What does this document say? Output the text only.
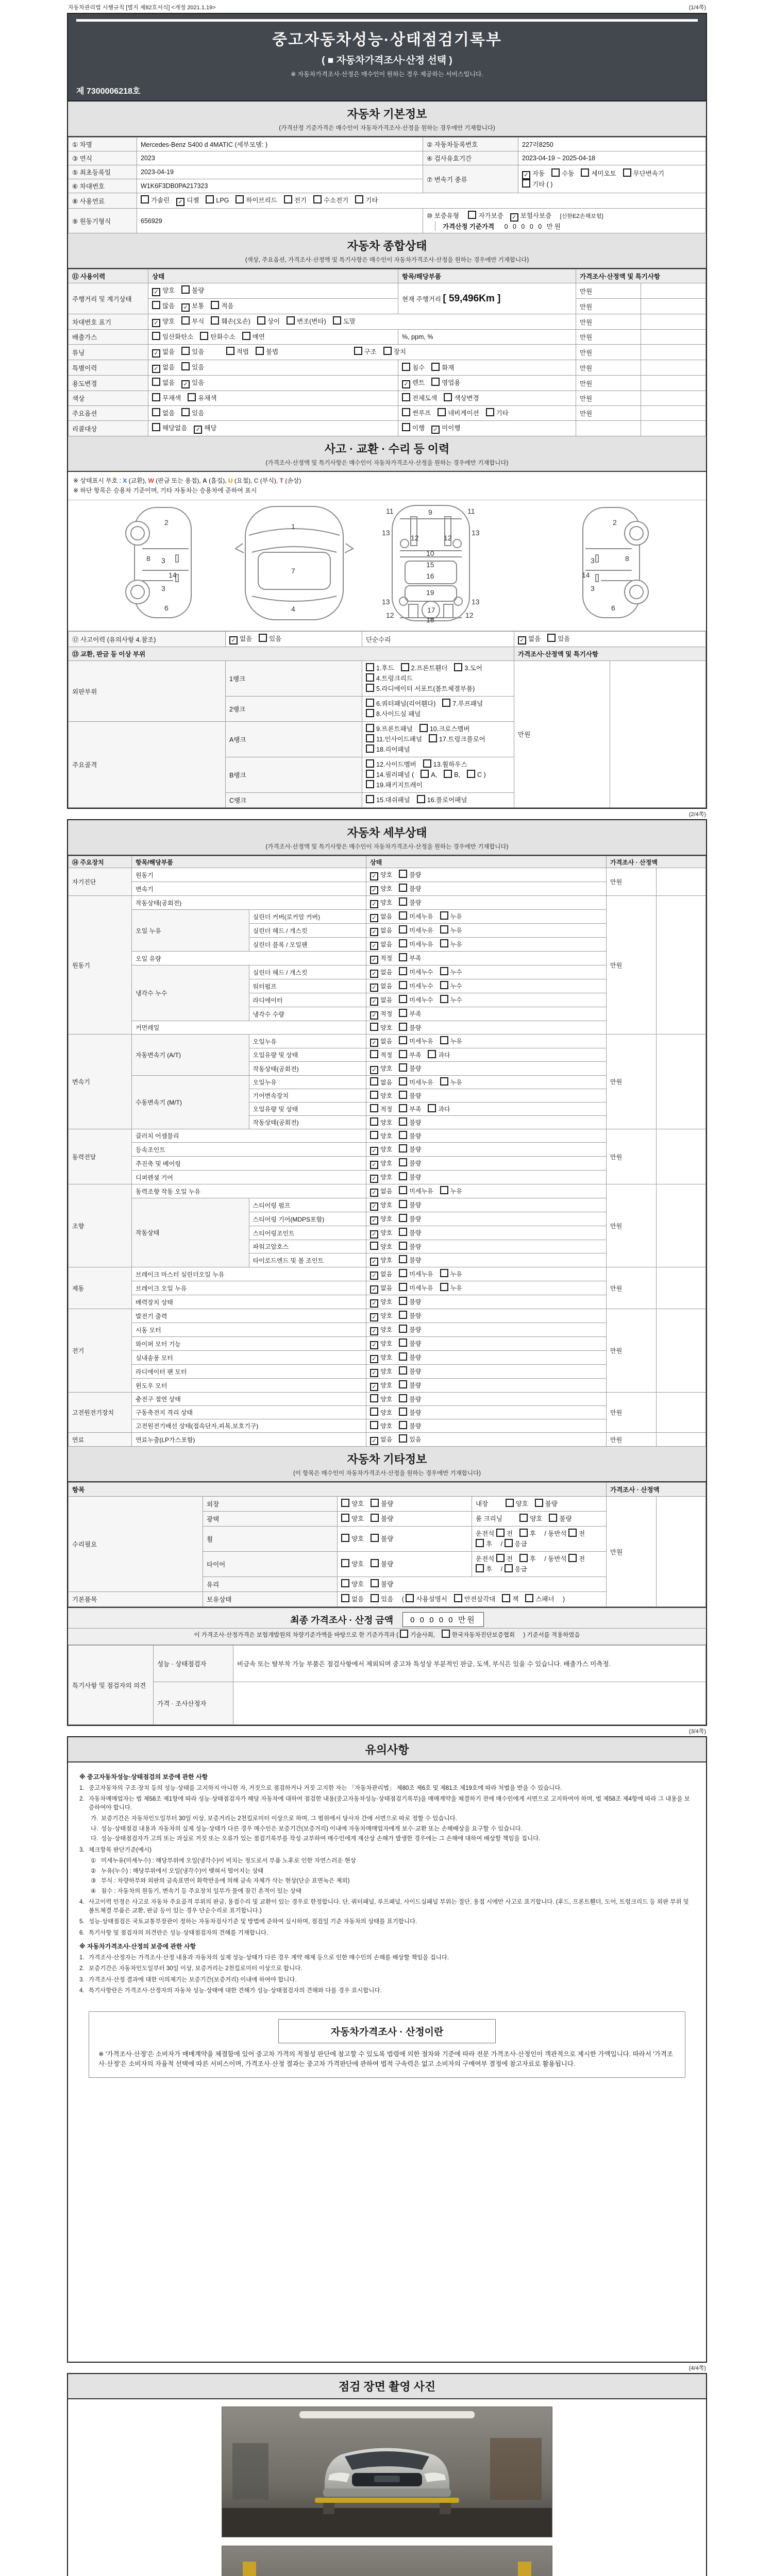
자동차관리법 시행규칙 [별지 제82호서식] <개정 2021.1.19>	(1/4쪽)
중고자동차성능·상태점검기록부
( ■ 자동차가격조사·산정 선택 )
※ 자동차가격조사·산정은 매수인이 원하는 경우 제공하는 서비스입니다.
제 7300006218호
자동차 기본정보
(가격산정 기준가격은 매수인이 자동차가격조사·산정을 원하는 경우에만 기재합니다)
① 차명	Mercedes-Benz S400 d 4MATIC (세부모델: )	② 자동차등록번호	227러8250
③ 연식	2023	④ 검사유효기간	2023-04-19 ~ 2025-04-18
⑤ 최초등록일	2023-04-19	⑦ 변속기 종류	✓ 자동 수동 세미오토 무단변속기기타 ( )
⑥ 차대번호	W1K6F3DB0PA217323		
⑧ 사용연료	가솔린 ✓ 디젤 LPG 하이브리드 전기 수소전기 기타		
⑨ 원동기형식	656929	⑩ 보증유형 자가보증 ✓ 보험사보증 [신한EZ손해보험] 가격산정 기준가격 0 0 0 0 0 만원	
자동차 종합상태
(색상, 주요옵션, 가격조사·산정액 및 특기사항은 매수인이 자동차가격조사·산정을 원하는 경우에만 기재합니다)
⑪ 사용이력	상태	항목/해당부품	가격조사·산정액 및 특기사항	
주행거리 및 계기상태	✓ 양호 불량	현재 주행거리 [ 59,496Km ]	만원	
	많음 ✓ 보통 적음		만원	
차대번호 표기	✓ 양호 부식 훼손(오손) 상이 변조(변타) 도말		만원	
배출가스	일산화탄소 탄화수소 매연	%, ppm, %	만원	
튜닝	✓ 없음 있음 적법 불법 구조 장치		만원	
특별이력	✓ 없음 있음	침수 화재	만원	
용도변경	없음 ✓ 있음	✓ 렌트 영업용	만원	
색상	무채색 유채색	전체도색 색상변경	만원	
주요옵션	없음 있음	썬루프 네비게이션 기타	만원	
리콜대상	해당없음 ✓ 해당	이행 ✓ 미이행		
사고 · 교환 · 수리 등 이력
(가격조사·산정액 및 특기사항은 매수인이 자동차가격조사·산정을 원하는 경우에만 기재합니다)
※ 상태표시 부호 : X (교환), W (판금 또는 용접), A (흠집), U (요철), C (부식), T (손상)
※ 하단 항목은 승용차 기준이며, 기타 자동차는 승용차에 준하여 표시
2
8 3
14
3
6
1
7
4
11	11
13	13
12	12
9
10
15
16
19
13	13
12	12
17
18
2
3	8
14
3
6
⑫ 사고이력 (유의사항 4.참조)	✓ 없음 있음	단순수리	✓ 없음 있음	
⑬ 교환, 판금 등 이상 부위			가격조사·산정액 및 특기사항	
외판부위	1랭크	1.후드 2.프론트휀더 3.도어4.트렁크리드5.라디에이터 서포트(볼트체결부품)	만원	
	2랭크	6.쿼터패널(리어휀다) 7.루프패널8.사이드실 패널		
주요골격	A랭크	9.프론트패널 10.크로스멤버11.인사이드패널 17.트렁크플로어18.리어패널		
	B랭크	12.사이드멤버 13.휠하우스14.필러패널 ( A, B, C )19.패키지트레이		
	C랭크	15.대쉬패널 16.플로어패널		
(2/4쪽)
자동차 세부상태
(가격조사·산정액 및 특기사항은 매수인이 자동차가격조사·산정을 원하는 경우에만 기재합니다)
⑭ 주요장치	항목/해당부품		상태	가격조사 · 산정액	
자기진단	원동기		✓ 양호 불량	만원	
	변속기		✓ 양호 불량		
원동기	작동상태(공회전)		✓ 양호 불량	만원	
	오일 누유	실린더 커버(로커암 커버)	✓ 없음 미세누유 누유		
		실린더 헤드 / 개스킷	✓ 없음 미세누유 누유		
		실린더 블록 / 오일팬	✓ 없음 미세누유 누유		
	오일 유량		✓ 적정 부족		
	냉각수 누수	실린더 헤드 / 개스킷	✓ 없음 미세누수 누수		
		워터펌프	✓ 없음 미세누수 누수		
		라디에이터	✓ 없음 미세누수 누수		
		냉각수 수량	✓ 적정 부족		
	커먼레일		양호 불량		
변속기	자동변속기 (A/T)	오일누유	✓ 없음 미세누유 누유	만원	
		오일유량 및 상태	적정 부족 과다		
		작동상태(공회전)	✓ 양호 불량		
	수동변속기 (M/T)	오일누유	없음 미세누유 누유		
		기어변속장치	양호 불량		
		오일유량 및 상태	적정 부족 과다		
		작동상태(공회전)	양호 불량		
동력전달	클러치 어셈블리		양호 불량	만원	
	등속조인트		✓ 양호 불량		
	추진축 및 베어링		✓ 양호 불량		
	디퍼렌셜 기어		✓ 양호 불량		
조향	동력조향 작동 오일 누유		✓ 없음 미세누유 누유	만원	
	작동상태	스티어링 펌프	✓ 양호 불량		
		스티어링 기어(MDPS포함)	✓ 양호 불량		
		스티어링조인트	✓ 양호 불량		
		파워고압호스	양호 불량		
		타이로드엔드 및 볼 조인트	✓ 양호 불량		
제동	브레이크 마스터 실린더오일 누유		✓ 없음 미세누유 누유	만원	
	브레이크 오일 누유		✓ 없음 미세누유 누유		
	배력장치 상태		✓ 양호 불량		
전기	발전기 출력		✓ 양호 불량	만원	
	시동 모터		✓ 양호 불량		
	와이퍼 모터 기능		✓ 양호 불량		
	실내송풍 모터		✓ 양호 불량		
	라디에이터 팬 모터		✓ 양호 불량		
	윈도우 모터		✓ 양호 불량		
고전원전기장치	충전구 절연 상태		양호 불량	만원	
	구동축전지 격리 상태		양호 불량		
	고전원전기배선 상태(접속단자,피복,보호기구)		양호 불량		
연료	연료누출(LP가스포함)		✓ 없음 있음	만원	
자동차 기타정보
(이 항목은 매수인이 자동차가격조사·산정을 원하는 경우에만 기재합니다)
항목				가격조사 · 산정액	
수리필요	외장	양호 불량	내장 양호 불량	만원	
	광택	양호 불량	룸 크리닝 양호 불량		
	휠	양호 불량	운전석 전 후 / 동반석 전후 / 응급		
	타이어	양호 불량	운전석 전 후 / 동반석 전후 / 응급		
	유리	양호 불량			
기본품목	보유상태	없음 있음 ( 사용설명서 안전삼각대 잭 스패너 )			
최종 가격조사 · 산정 금액	0 0 0 0 0 만원
이 가격조사·산정가격은 보험개발원의 차량기준가액을 바탕으로 한 기준가격과 ( 기술사회,	한국자동차진단보증협회 ) 기준서를 적용하였음
특기사항 및 점검자의 의견	성능 · 상태점검자	비금속 또는 탈부착 가능 부품은 점검사항에서 제외되며 중고차 특성상 부분적인 판금, 도색, 부식은 있을 수 있습니다. 배출가스 미측정.
	가격 · 조사산정자	
(3/4쪽)
유의사항
※ 중고자동차성능·상태점검의 보증에 관한 사항
1. 중고자동차의 구조·장치 등의 성능·상태를 고지하지 아니한 자, 거짓으로 점검하거나 거짓 고지한 자는 「자동차관리법」 제80조 제6호 및 제81조 제19호에 따라 처벌을 받을 수 있습니다.
2. 자동차매매업자는 법 제58조 제1항에 따라 성능·상태점검자가 해당 자동차에 대하여 점검한 내용(중고자동차성능·상태점검기록부)을 매매계약을 체결하기 전에 매수인에게 서면으로 고지하여야 하며, 법 제58조 제4항에 따라 그 내용을 보증하여야 합니다.
가. 보증기간은 자동차인도일부터 30일 이상, 보증거리는 2천킬로미터 이상으로 하며, 그 범위에서 당사자 간에 서면으로 따로 정할 수 있습니다.
나. 성능·상태점검 내용과 자동차의 실제 성능·상태가 다른 경우 매수인은 보증기간(보증거리) 이내에 자동차매매업자에게 보수·교환 또는 손해배상을 요구할 수 있습니다.
다. 성능·상태점검자가 고의 또는 과실로 거짓 또는 오류가 있는 점검기록부를 작성·교부하여 매수인에게 재산상 손해가 발생한 경우에는 그 손해에 대하여 배상할 책임을 집니다.
3. 체크항목 판단기준(예시)
① 미세누유(미세누수) : 해당부위에 오일(냉각수)이 비치는 정도로서 부품 노후로 인한 자연스러운 현상
② 누유(누수) : 해당부위에서 오일(냉각수)이 맺혀서 떨어지는 상태
③ 부식 : 차량하부와 외판의 금속표면이 화학반응에 의해 금속 자체가 삭는 현상(단순 표면녹은 제외)
④ 침수 : 자동차의 원동기, 변속기 등 주요장치 일부가 물에 잠긴 흔적이 있는 상태
4. 사고이력 인정은 사고로 자동차 주요골격 부위의 판금, 용접수리 및 교환이 있는 경우로 한정합니다. 단, 쿼터패널, 루프패널, 사이드실패널 부위는 절단, 용접 시에만 사고로 표기합니다. (후드, 프론트휀더, 도어, 트렁크리드 등 외판 부위 및 볼트체결 부품은 교환, 판금 등이 있는 경우 단순수리로 표기합니다.)
5. 성능·상태점검은 국토교통부장관이 정하는 자동차검사기준 및 방법에 준하여 실시하며, 점검일 기준 자동차의 상태를 표기합니다.
6. 특기사항 및 점검자의 의견란은 성능·상태점검자의 견해를 기재합니다.
※ 자동차가격조사·산정의 보증에 관한 사항
1. 가격조사·산정자는 가격조사·산정 내용과 자동차의 실제 성능·상태가 다른 경우 계약 해제 등으로 인한 매수인의 손해를 배상할 책임을 집니다.
2. 보증기간은 자동차인도일부터 30일 이상, 보증거리는 2천킬로미터 이상으로 합니다.
3. 가격조사·산정 결과에 대한 이의제기는 보증기간(보증거리) 이내에 하여야 합니다.
4. 특기사항란은 가격조사·산정자의 자동차 성능·상태에 대한 견해가 성능·상태점검자의 견해와 다를 경우 표시합니다.
자동차가격조사 · 산정이란
※ '가격조사·산정'은 소비자가 매매계약을 체결함에 있어 중고차 가격의 적절성 판단에 참고할 수 있도록 법령에 의한 절차와 기준에 따라 전문 가격조사·산정인이 객관적으로 제시한 가액입니다. 따라서 '가격조사·산정'은 소비자의 자율적 선택에 따른 서비스이며, 가격조사·산정 결과는 중고차 가격판단에 관하여 법적 구속력은 없고 소비자의 구매여부 결정에 참고자료로 활용됩니다.
(4/4쪽)
점검 장면 촬영 사진
